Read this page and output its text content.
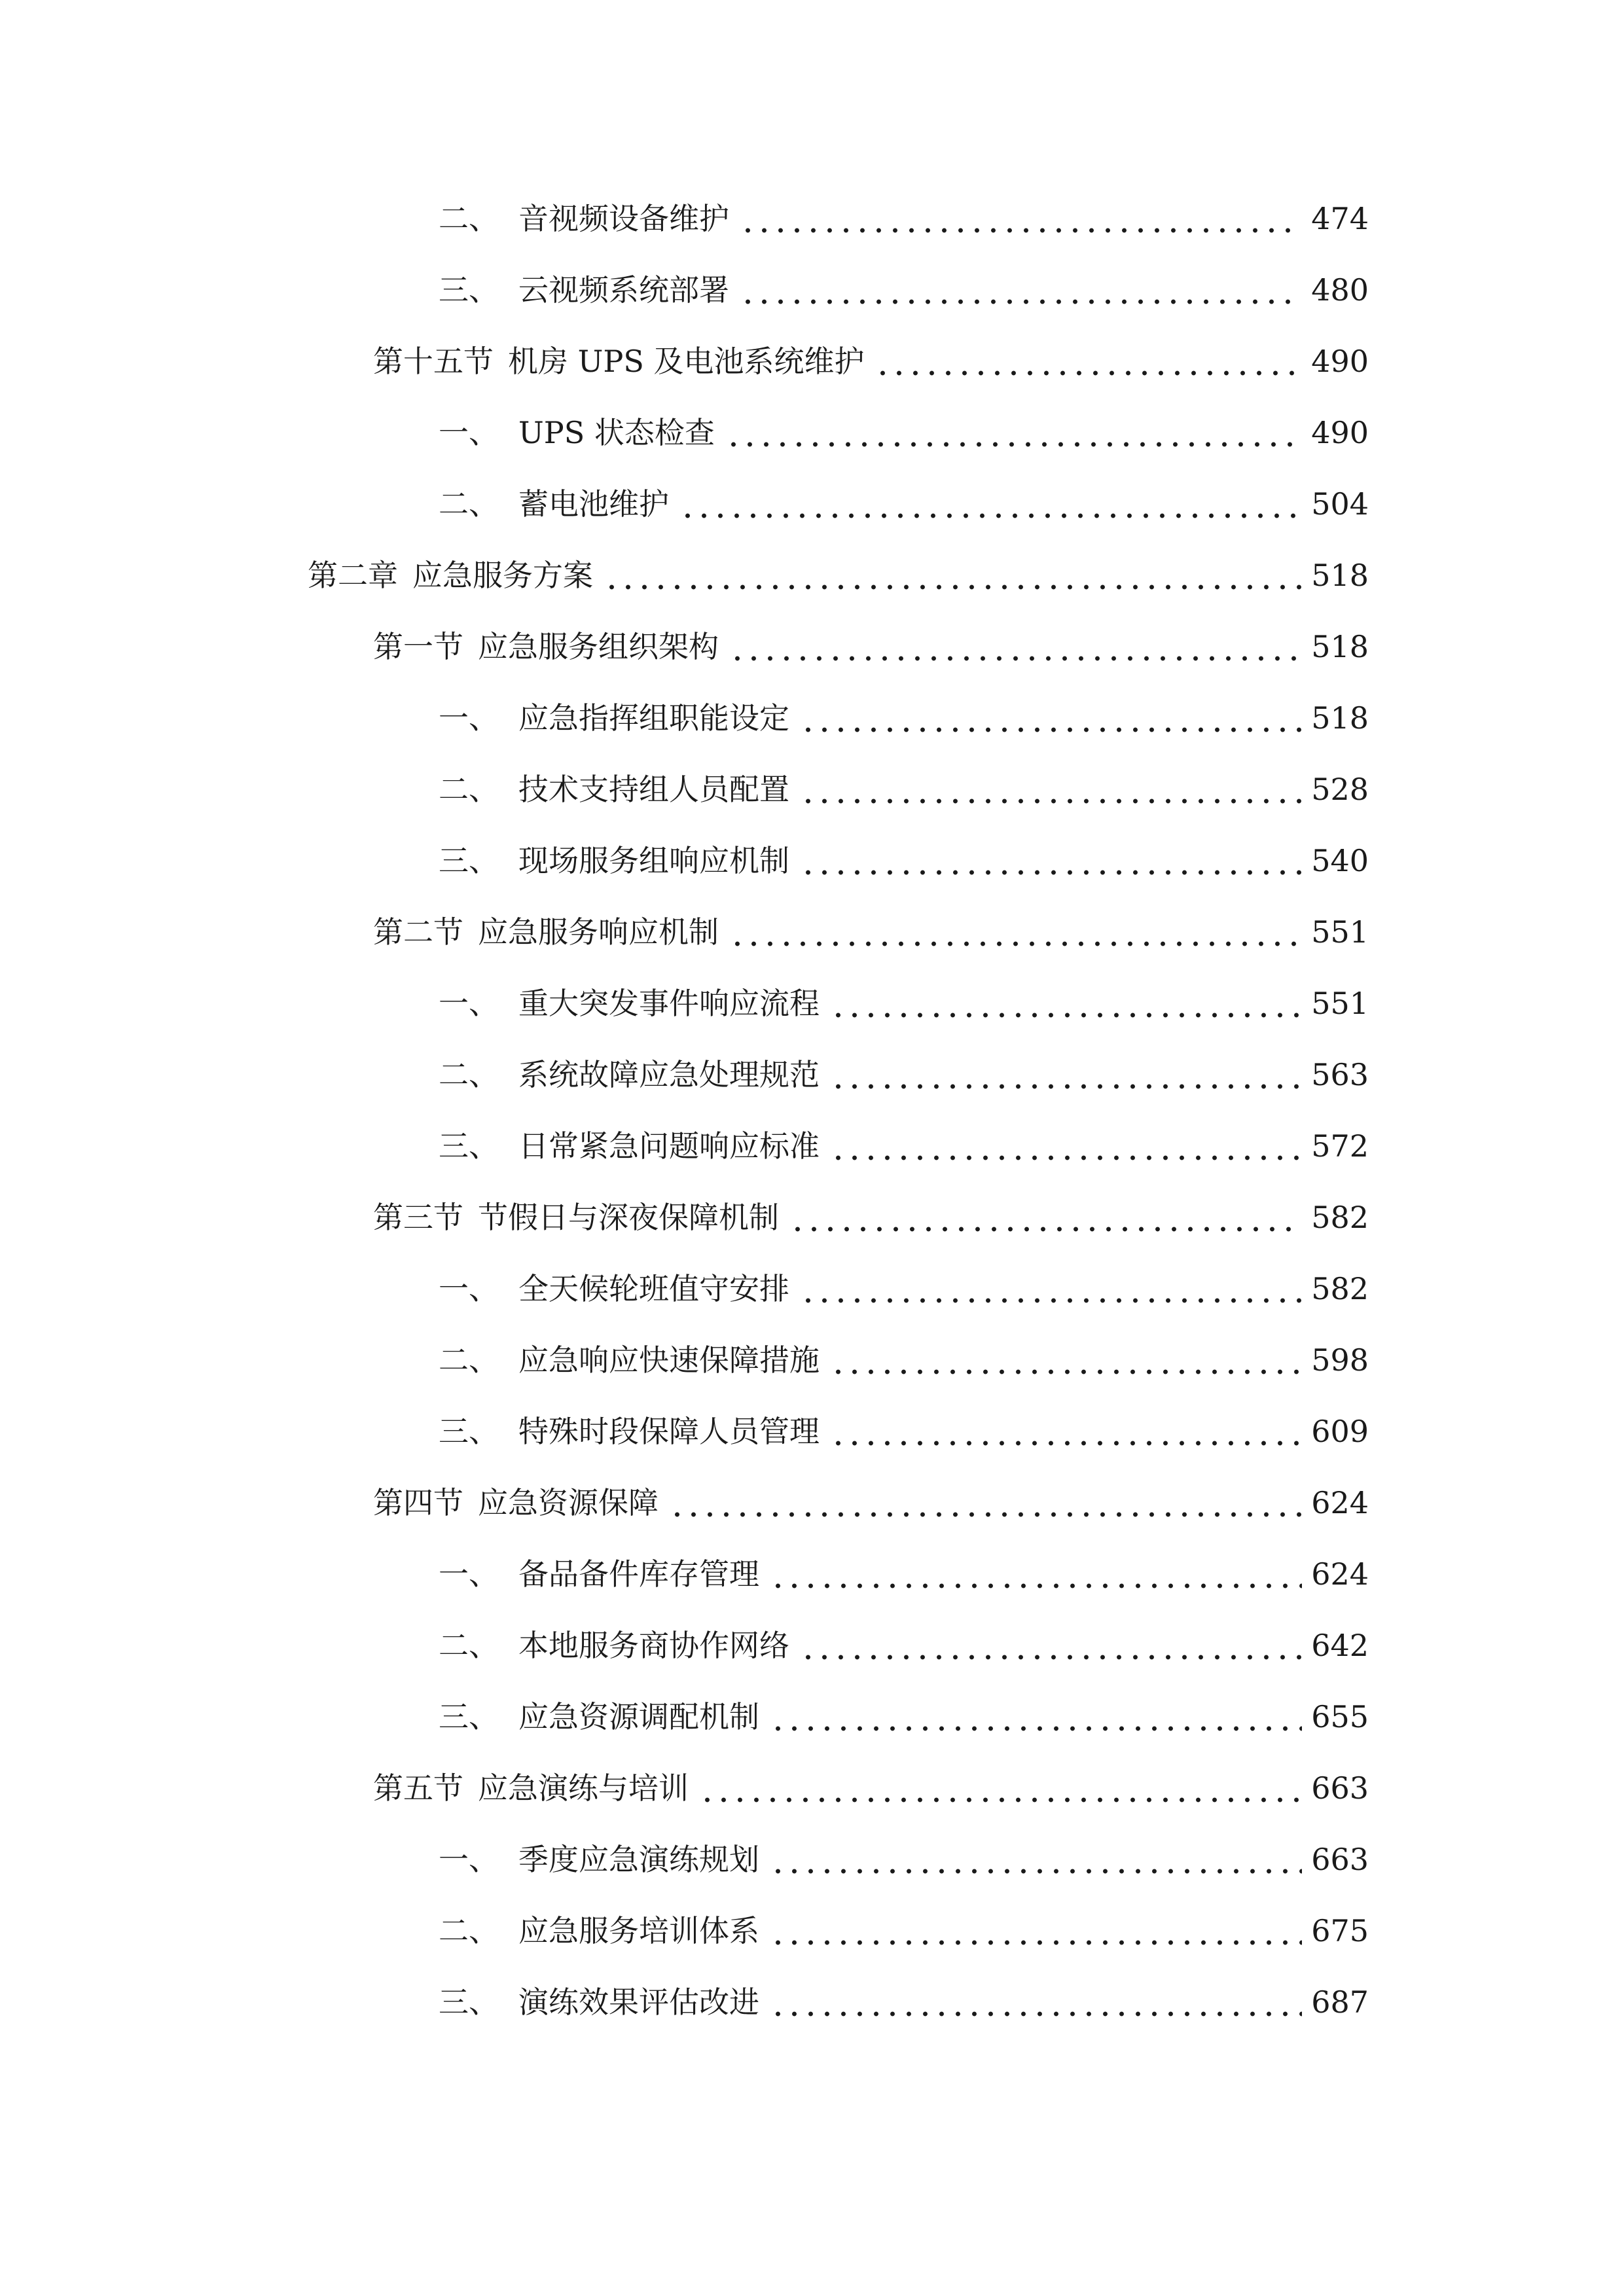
二、 音视频设备维护	474
三、 云视频系统部署	480
第十五节 机房 UPS 及电池系统维护	490
一、 UPS 状态检查	490
二、 蓄电池维护	504
第二章 应急服务方案	518
第一节 应急服务组织架构	518
一、 应急指挥组职能设定	518
二、 技术支持组人员配置	528
三、 现场服务组响应机制	540
第二节 应急服务响应机制	551
一、 重大突发事件响应流程	551
二、 系统故障应急处理规范	563
三、 日常紧急问题响应标准	572
第三节 节假日与深夜保障机制	582
一、 全天候轮班值守安排	582
二、 应急响应快速保障措施	598
三、 特殊时段保障人员管理	609
第四节 应急资源保障	624
一、 备品备件库存管理	624
二、 本地服务商协作网络	642
三、 应急资源调配机制	655
第五节 应急演练与培训	663
一、 季度应急演练规划	663
二、 应急服务培训体系	675
三、 演练效果评估改进	687
